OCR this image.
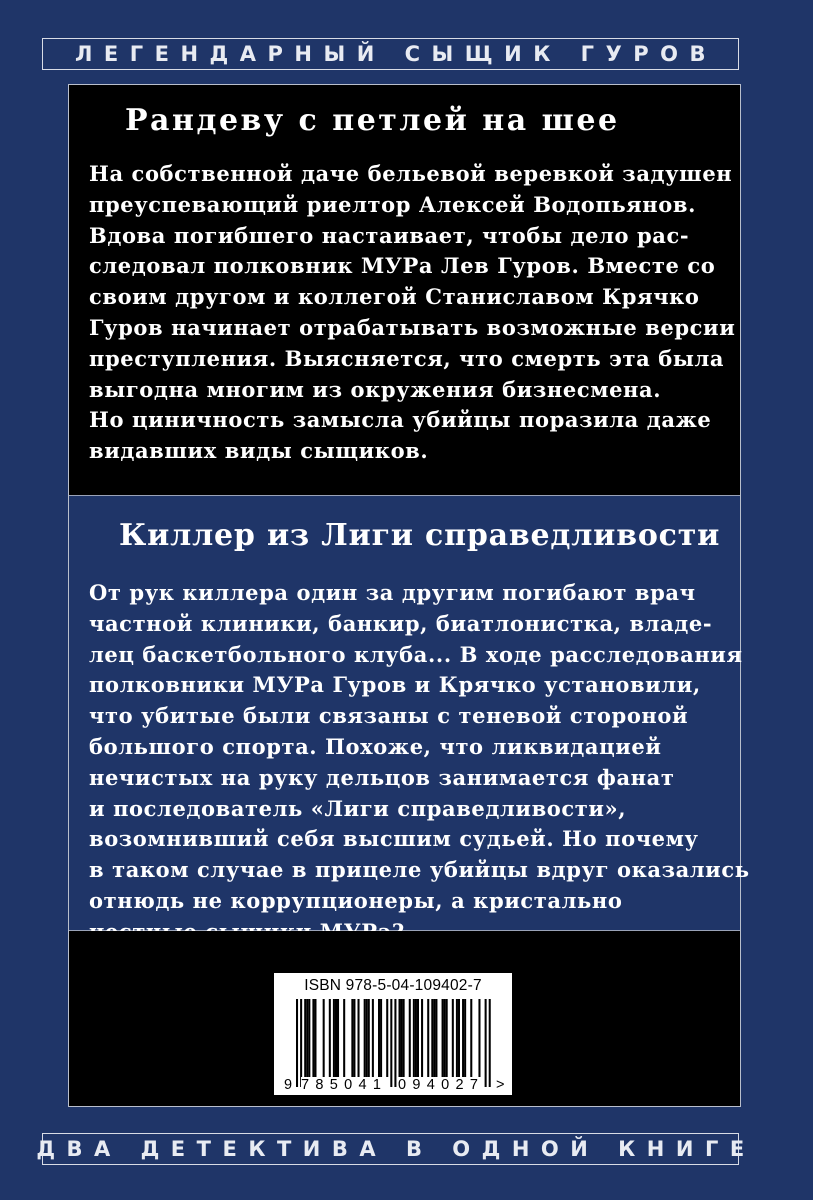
ЛЕГЕНДАРНЫЙ СЫЩИК ГУРОВ
Рандеву с петлей на шее
На собственной даче бельевой веревкой задушен
преуспевающий риелтор Алексей Водопьянов.
Вдова погибшего настаивает, чтобы дело рас-
следовал полковник МУРа Лев Гуров. Вместе со
своим другом и коллегой Станиславом Крячко
Гуров начинает отрабатывать возможные версии
преступления. Выясняется, что смерть эта была
выгодна многим из окружения бизнесмена.
Но циничность замысла убийцы поразила даже
видавших виды сыщиков.
Киллер из Лиги справедливости
От рук киллера один за другим погибают врач
частной клиники, банкир, биатлонистка, владе-
лец баскетбольного клуба... В ходе расследования
полковники МУРа Гуров и Крячко установили,
что убитые были связаны с теневой стороной
большого спорта. Похоже, что ликвидацией
нечистых на руку дельцов занимается фанат
и последователь «Лиги справедливости»,
возомнивший себя высшим судьей. Но почему
в таком случае в прицеле убийцы вдруг оказались
отнюдь не коррупционеры, а кристально
ISBN 978-5-04-109402-7
9 785041 094027 >
ДВА ДЕТЕКТИВА В ОДНОЙ КНИГЕ
